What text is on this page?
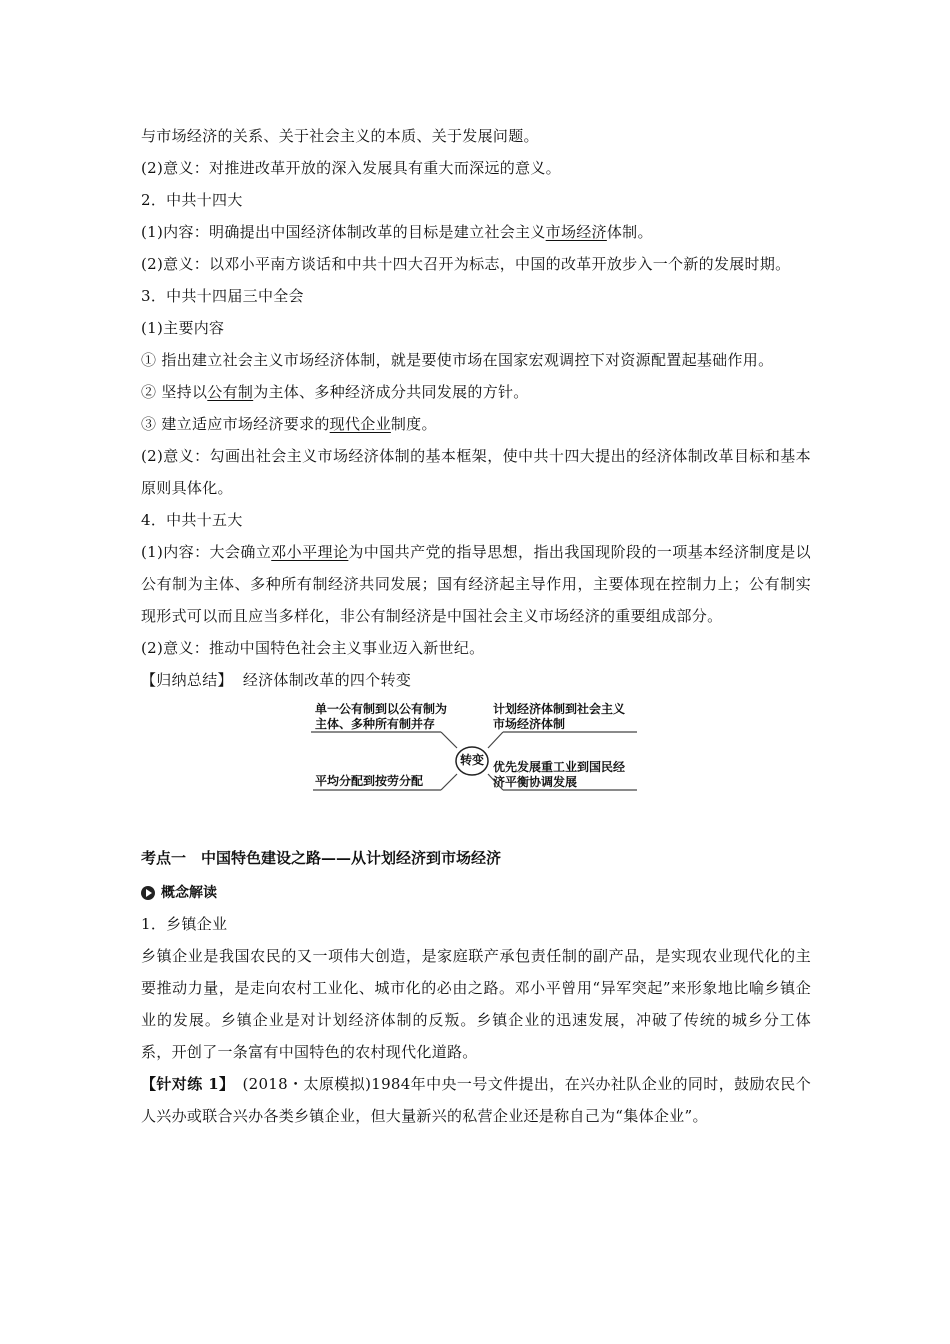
与市场经济的关系、关于社会主义的本质、关于发展问题。
(2)意义：对推进改革开放的深入发展具有重大而深远的意义。
2．中共十四大
(1)内容：明确提出中国经济体制改革的目标是建立社会主义市场经济体制。
(2)意义：以邓小平南方谈话和中共十四大召开为标志，中国的改革开放步入一个新的发展时期。
3．中共十四届三中全会
(1)主要内容
① 指出建立社会主义市场经济体制，就是要使市场在国家宏观调控下对资源配置起基础作用。
② 坚持以公有制为主体、多种经济成分共同发展的方针。
③ 建立适应市场经济要求的现代企业制度。
(2)意义：勾画出社会主义市场经济体制的基本框架，使中共十四大提出的经济体制改革目标和基本原则具体化。
4．中共十五大
(1)内容：大会确立邓小平理论为中国共产党的指导思想，指出我国现阶段的一项基本经济制度是以公有制为主体、多种所有制经济共同发展；国有经济起主导作用，主要体现在控制力上；公有制实现形式可以而且应当多样化，非公有制经济是中国社会主义市场经济的重要组成部分。
(2)意义：推动中国特色社会主义事业迈入新世纪。
【归纳总结】 经济体制改革的四个转变
转变
单一公有制到以公有制为
主体、多种所有制并存
计划经济体制到社会主义
市场经济体制
平均分配到按劳分配
优先发展重工业到国民经
济平衡协调发展
考点一　中国特色建设之路——从计划经济到市场经济
概念解读
1．乡镇企业
乡镇企业是我国农民的又一项伟大创造，是家庭联产承包责任制的副产品，是实现农业现代化的主要推动力量，是走向农村工业化、城市化的必由之路。邓小平曾用“异军突起”来形象地比喻乡镇企业的发展。乡镇企业是对计划经济体制的反叛。乡镇企业的迅速发展，冲破了传统的城乡分工体系，开创了一条富有中国特色的农村现代化道路。
【针对练 1】 (2018・太原模拟)1984年中央一号文件提出，在兴办社队企业的同时，鼓励农民个人兴办或联合兴办各类乡镇企业，但大量新兴的私营企业还是称自己为“集体企业”。
